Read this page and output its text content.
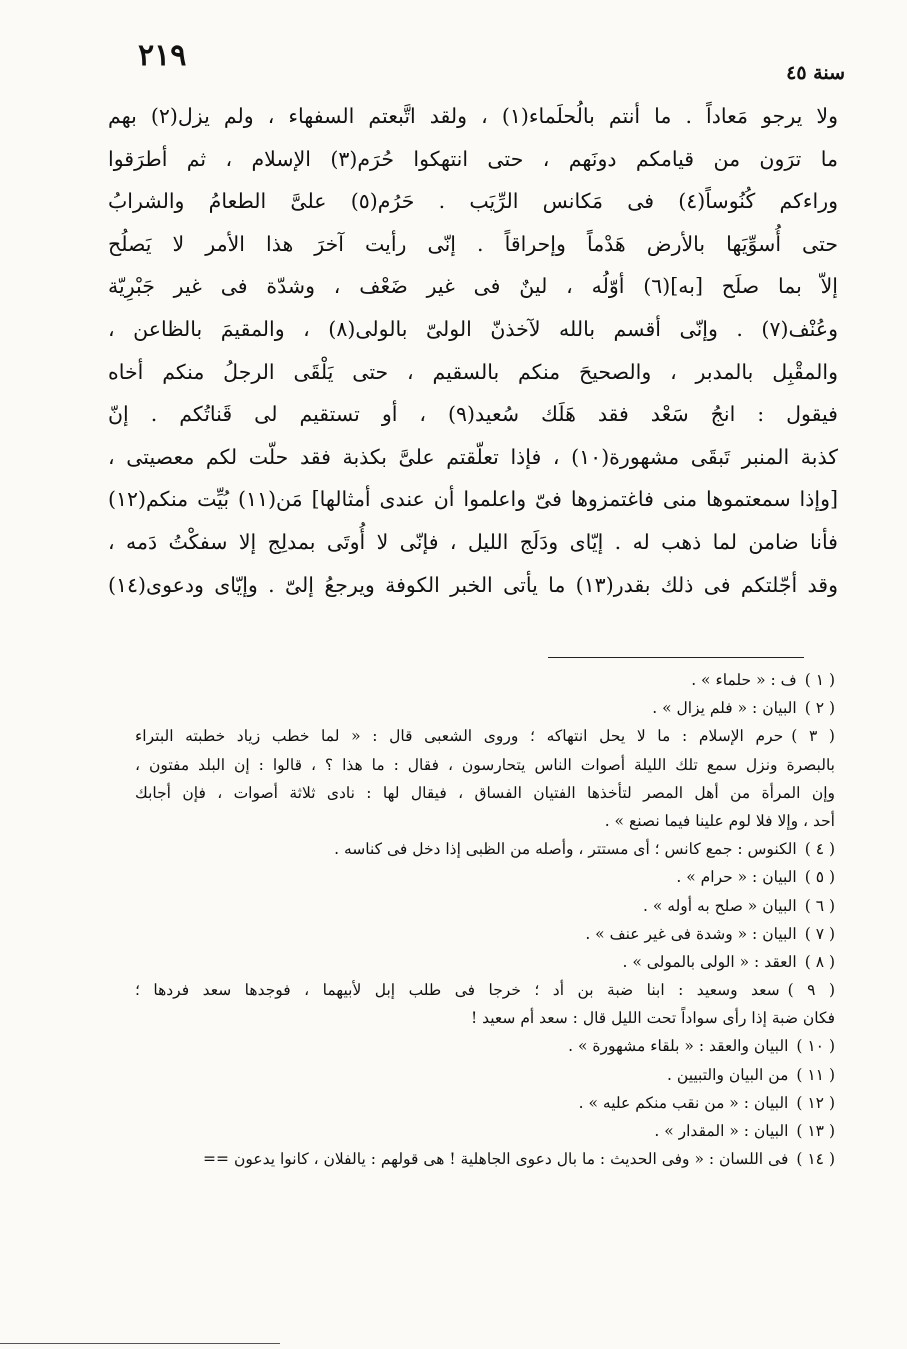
٢١٩	سنة ٤٥
ولا يرجو مَعاداً . ما أنتم بالُحلَماء(١) ، ولقد اتَّبعتم السفهاء ، ولم يزل(٢) بهم
ما ترَون من قيامكم دونَهم ، حتى انتهكوا حُرَم(٣) الإسلام ، ثم أطرَقوا
وراءكم كُنُوساً(٤) فى مَكانس الرِّيَب . حَرُم(٥) علىَّ الطعامُ والشرابُ
حتى أُسوِّيَها بالأرض هَدْماً وإحراقاً . إنّى رأيت آخرَ هذا الأمر لا يَصلُح
إلاّ بما صلَح [به](٦) أوّلُه ، لينٌ فى غير ضَعْف ، وشدّة فى غير جَبْرِيّة
وعُنْف(٧) . وإنّى أقسم بالله لآخذنّ الولىّ بالولى(٨) ، والمقيمَ بالظاعن ،
والمقْبِل بالمدبر ، والصحيحَ منكم بالسقيم ، حتى يَلْقَى الرجلُ منكم أخاه
فيقول : انجُ سَعْد فقد هَلَك سُعيد(٩) ، أو تستقيم لى قَناتُكم . إنّ
كذبة المنبر تَبقَى مشهورة(١٠) ، فإذا تعلّقتم علىَّ بكذبة فقد حلّت لكم معصيتى ،
[وإذا سمعتموها منى فاغتمزوها فىّ واعلموا أن عندى أمثالها] مَن(١١) بُيِّت منكم(١٢)
فأنا ضامن لما ذهب له . إيّاى ودَلَج الليل ، فإنّى لا أُوتَى بمدلِج إلا سفكْتُ دَمه ،
وقد أجّلتكم فى ذلك بقدر(١٣) ما يأتى الخبر الكوفة ويرجعُ إلىّ . وإيّاى ودعوى(١٤)
( ١ )ف : « حلماء » .
( ٢ )البيان : « فلم يزال » .
( ٣ )حرم الإسلام : ما لا يحل انتهاكه ؛ وروى الشعبى قال : « لما خطب زياد خطبته البتراء
بالبصرة ونزل سمع تلك الليلة أصوات الناس يتحارسون ، فقال : ما هذا ؟ ، قالوا : إن البلد مفتون ،
وإن المرأة من أهل المصر لتأخذها الفتيان الفساق ، فيقال لها : نادى ثلاثة أصوات ، فإن أجابك
أحد ، وإلا فلا لوم علينا فيما نصنع » .
( ٤ )الكنوس : جمع كانس ؛ أى مستتر ، وأصله من الظبى إذا دخل فى كناسه .
( ٥ )البيان : « حرام » .
( ٦ )البيان « صلح به أوله » .
( ٧ )البيان : « وشدة فى غير عنف » .
( ٨ )العقد : « الولى بالمولى » .
( ٩ )سعد وسعيد : ابنا ضبة بن أد ؛ خرجا فى طلب إبل لأبيهما ، فوجدها سعد فردها ؛
فكان ضبة إذا رأى سواداً تحت الليل قال : سعد أم سعيد !
( ١٠ )البيان والعقد : « بلقاء مشهورة » .
( ١١ )من البيان والتبيين .
( ١٢ )البيان : « من نقب منكم عليه » .
( ١٣ )البيان : « المقدار » .
( ١٤ )فى اللسان : « وفى الحديث : ما بال دعوى الجاهلية ! هى قولهم : يالفلان ، كانوا يدعون ==
